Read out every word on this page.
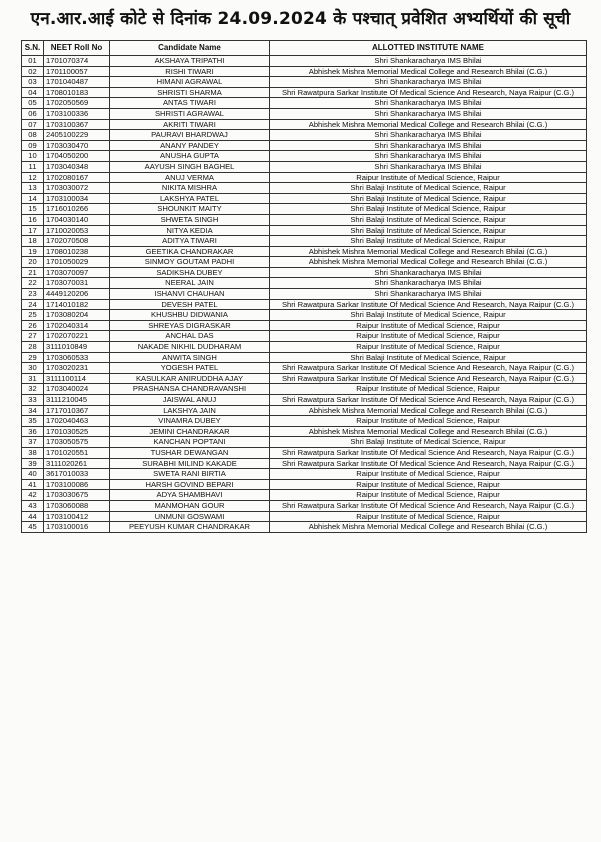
एन.आर.आई कोटे से दिनांक 24.09.2024 के पश्चात् प्रवेशित अभ्यर्थियों की सूची
S.N.	NEET Roll No	Candidate Name	ALLOTTED INSTITUTE NAME
01	1701070374	AKSHAYA TRIPATHI	Shri Shankaracharya IMS Bhilai
02	1701100057	RISHI TIWARI	Abhishek Mishra Memorial Medical College and Research Bhilai (C.G.)
03	1701040487	HIMANI AGRAWAL	Shri Shankaracharya IMS Bhilai
04	1708010183	SHRISTI SHARMA	Shri Rawatpura Sarkar Institute Of Medical Science And Research, Naya Raipur (C.G.)
05	1702050569	ANTAS TIWARI	Shri Shankaracharya IMS Bhilai
06	1703100336	SHRISTI AGRAWAL	Shri Shankaracharya IMS Bhilai
07	1703100367	AKRITI TIWARI	Abhishek Mishra Memorial Medical College and Research Bhilai (C.G.)
08	2405100229	PAURAVI BHARDWAJ	Shri Shankaracharya IMS Bhilai
09	1703030470	ANANY PANDEY	Shri Shankaracharya IMS Bhilai
10	1704050200	ANUSHA GUPTA	Shri Shankaracharya IMS Bhilai
11	1703040348	AAYUSH SINGH BAGHEL	Shri Shankaracharya IMS Bhilai
12	1702080167	ANUJ VERMA	Raipur Institute of Medical Science, Raipur
13	1703030072	NIKITA MISHRA	Shri Balaji Institute of Medical Science, Raipur
14	1703100034	LAKSHYA PATEL	Shri Balaji Institute of Medical Science, Raipur
15	1716010266	SHOUNKIT MAITY	Shri Balaji Institute of Medical Science, Raipur
16	1704030140	SHWETA SINGH	Shri Balaji Institute of Medical Science, Raipur
17	1710020053	NITYA KEDIA	Shri Balaji Institute of Medical Science, Raipur
18	1702070508	ADITYA TIWARI	Shri Balaji Institute of Medical Science, Raipur
19	1708010238	GEETIKA CHANDRAKAR	Abhishek Mishra Memorial Medical College and Research Bhilai (C.G.)
20	1701050029	SINMOY GOUTAM PADHI	Abhishek Mishra Memorial Medical College and Research Bhilai (C.G.)
21	1703070097	SADIKSHA DUBEY	Shri Shankaracharya IMS Bhilai
22	1703070031	NEERAL JAIN	Shri Shankaracharya IMS Bhilai
23	4449120206	ISHANVI CHAUHAN	Shri Shankaracharya IMS Bhilai
24	1714010182	DEVESH PATEL	Shri Rawatpura Sarkar Institute Of Medical Science And Research, Naya Raipur (C.G.)
25	1703080204	KHUSHBU DIDWANIA	Shri Balaji Institute of Medical Science, Raipur
26	1702040314	SHREYAS DIGRASKAR	Raipur Institute of Medical Science, Raipur
27	1702070221	ANCHAL DAS	Raipur Institute of Medical Science, Raipur
28	3111010849	NAKADE NIKHIL DUDHARAM	Raipur Institute of Medical Science, Raipur
29	1703060533	ANWITA SINGH	Shri Balaji Institute of Medical Science, Raipur
30	1703020231	YOGESH PATEL	Shri Rawatpura Sarkar Institute Of Medical Science And Research, Naya Raipur (C.G.)
31	3111100114	KASULKAR ANIRUDDHA AJAY	Shri Rawatpura Sarkar Institute Of Medical Science And Research, Naya Raipur (C.G.)
32	1703040024	PRASHANSA CHANDRAVANSHI	Raipur Institute of Medical Science, Raipur
33	3111210045	JAISWAL ANUJ	Shri Rawatpura Sarkar Institute Of Medical Science And Research, Naya Raipur (C.G.)
34	1717010367	LAKSHYA JAIN	Abhishek Mishra Memorial Medical College and Research Bhilai (C.G.)
35	1702040463	VINAMRA DUBEY	Raipur Institute of Medical Science, Raipur
36	1701030525	JEMINI CHANDRAKAR	Abhishek Mishra Memorial Medical College and Research Bhilai (C.G.)
37	1703050575	KANCHAN POPTANI	Shri Balaji Institute of Medical Science, Raipur
38	1701020551	TUSHAR DEWANGAN	Shri Rawatpura Sarkar Institute Of Medical Science And Research, Naya Raipur (C.G.)
39	3111020261	SURABHI MILIND KAKADE	Shri Rawatpura Sarkar Institute Of Medical Science And Research, Naya Raipur (C.G.)
40	3617010033	SWETA RANI BIRTIA	Raipur Institute of Medical Science, Raipur
41	1703100086	HARSH GOVIND BEPARI	Raipur Institute of Medical Science, Raipur
42	1703030675	ADYA SHAMBHAVI	Raipur Institute of Medical Science, Raipur
43	1703060088	MANMOHAN GOUR	Shri Rawatpura Sarkar Institute Of Medical Science And Research, Naya Raipur (C.G.)
44	1703100412	UNMUNI GOSWAMI	Raipur Institute of Medical Science, Raipur
45	1703100016	PEEYUSH KUMAR CHANDRAKAR	Abhishek Mishra Memorial Medical College and Research Bhilai (C.G.)
